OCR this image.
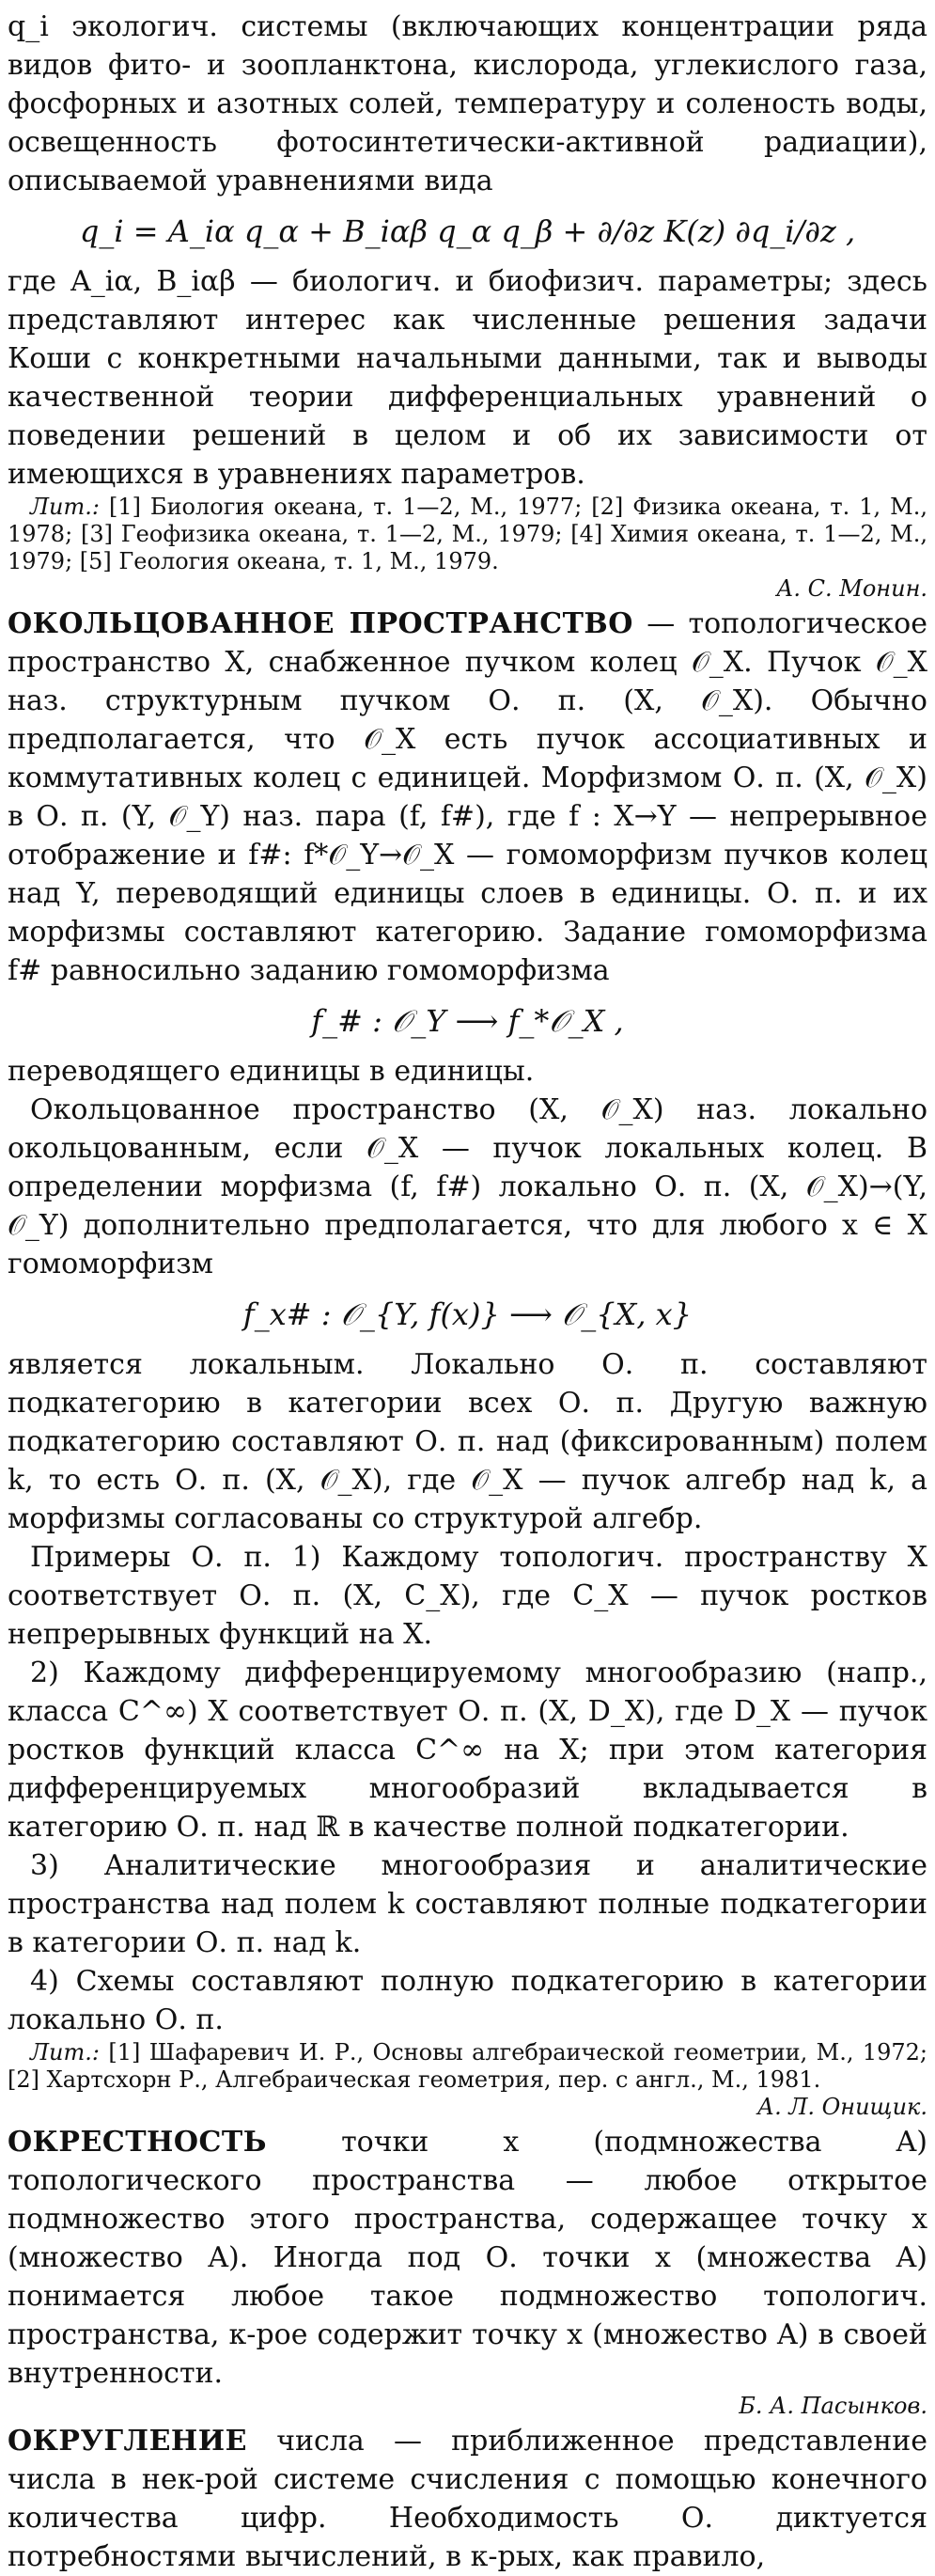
q_i экологич. системы (включающих концентрации ряда видов фито- и зоопланктона, кислорода, углекислого газа, фосфорных и азотных солей, температуру и соленость воды, освещенность фотосинтетически-активной радиации), описываемой уравнениями вида

q_i = A_iα q_α + B_iαβ q_α q_β + ∂/∂z K(z) ∂q_i/∂z ,

где A_iα, B_iαβ — биологич. и биофизич. параметры; здесь представляют интерес как численные решения задачи Коши с конкретными начальными данными, так и выводы качественной теории дифференциальных уравнений о поведении решений в целом и об их зависимости от имеющихся в уравнениях параметров.

Лит.: [1] Биология океана, т. 1—2, М., 1977; [2] Физика океана, т. 1, М., 1978; [3] Геофизика океана, т. 1—2, М., 1979; [4] Химия океана, т. 1—2, М., 1979; [5] Геология океана, т. 1, М., 1979.

А. С. Монин.

ОКОЛЬЦОВАННОЕ ПРОСТРАНСТВО — топологическое пространство X, снабженное пучком колец 𝒪_X. Пучок 𝒪_X наз. структурным пучком О. п. (X, 𝒪_X). Обычно предполагается, что 𝒪_X есть пучок ассоциативных и коммутативных колец с единицей. Морфизмом О. п. (X, 𝒪_X) в О. п. (Y, 𝒪_Y) наз. пара (f, f#), где f : X→Y — непрерывное отображение и f#: f*𝒪_Y→𝒪_X — гомоморфизм пучков колец над Y, переводящий единицы слоев в единицы. О. п. и их морфизмы составляют категорию. Задание гомоморфизма f# равносильно заданию гомоморфизма

f_# : 𝒪_Y ⟶ f_*𝒪_X ,

переводящего единицы в единицы.

Окольцованное пространство (X, 𝒪_X) наз. локально окольцованным, если 𝒪_X — пучок локальных колец. В определении морфизма (f, f#) локально О. п. (X, 𝒪_X)→(Y, 𝒪_Y) дополнительно предполагается, что для любого x ∈ X гомоморфизм

f_x# : 𝒪_{Y, f(x)} ⟶ 𝒪_{X, x}

является локальным. Локально О. п. составляют подкатегорию в категории всех О. п. Другую важную подкатегорию составляют О. п. над (фиксированным) полем k, то есть О. п. (X, 𝒪_X), где 𝒪_X — пучок алгебр над k, а морфизмы согласованы со структурой алгебр.

Примеры О. п. 1) Каждому топологич. пространству X соответствует О. п. (X, C_X), где C_X — пучок ростков непрерывных функций на X.

2) Каждому дифференцируемому многообразию (напр., класса C^∞) X соответствует О. п. (X, D_X), где D_X — пучок ростков функций класса C^∞ на X; при этом категория дифференцируемых многообразий вкладывается в категорию О. п. над ℝ в качестве полной подкатегории.

3) Аналитические многообразия и аналитические пространства над полем k составляют полные подкатегории в категории О. п. над k.

4) Схемы составляют полную подкатегорию в категории локально О. п.

Лит.: [1] Шафаревич И. Р., Основы алгебраической геометрии, М., 1972; [2] Хартсхорн Р., Алгебраическая геометрия, пер. с англ., М., 1981.

А. Л. Онищик.

ОКРЕСТНОСТЬ точки x (подмножества A) топологического пространства — любое открытое подмножество этого пространства, содержащее точку x (множество A). Иногда под О. точки x (множества A) понимается любое такое подмножество топологич. пространства, к-рое содержит точку x (множество A) в своей внутренности.

Б. А. Пасынков.

ОКРУГЛЕНИЕ числа — приближенное представление числа в нек-рой системе счисления с помощью конечного количества цифр. Необходимость О. диктуется потребностями вычислений, в к-рых, как правило,
